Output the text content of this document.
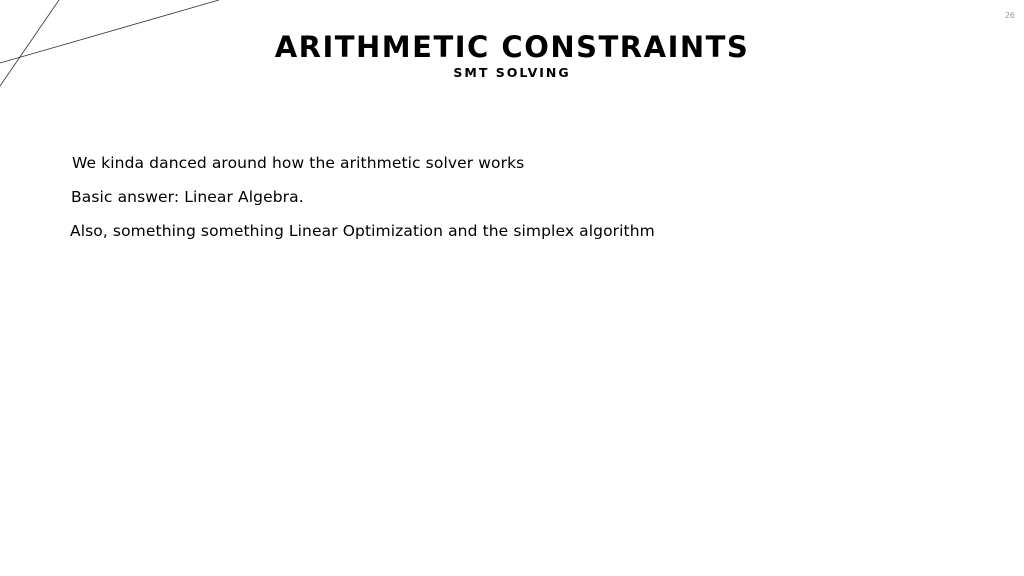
26
ARITHMETIC CONSTRAINTS
SMT SOLVING
We kinda danced around how the arithmetic solver works
Basic answer: Linear Algebra.
Also, something something Linear Optimization and the simplex algorithm
